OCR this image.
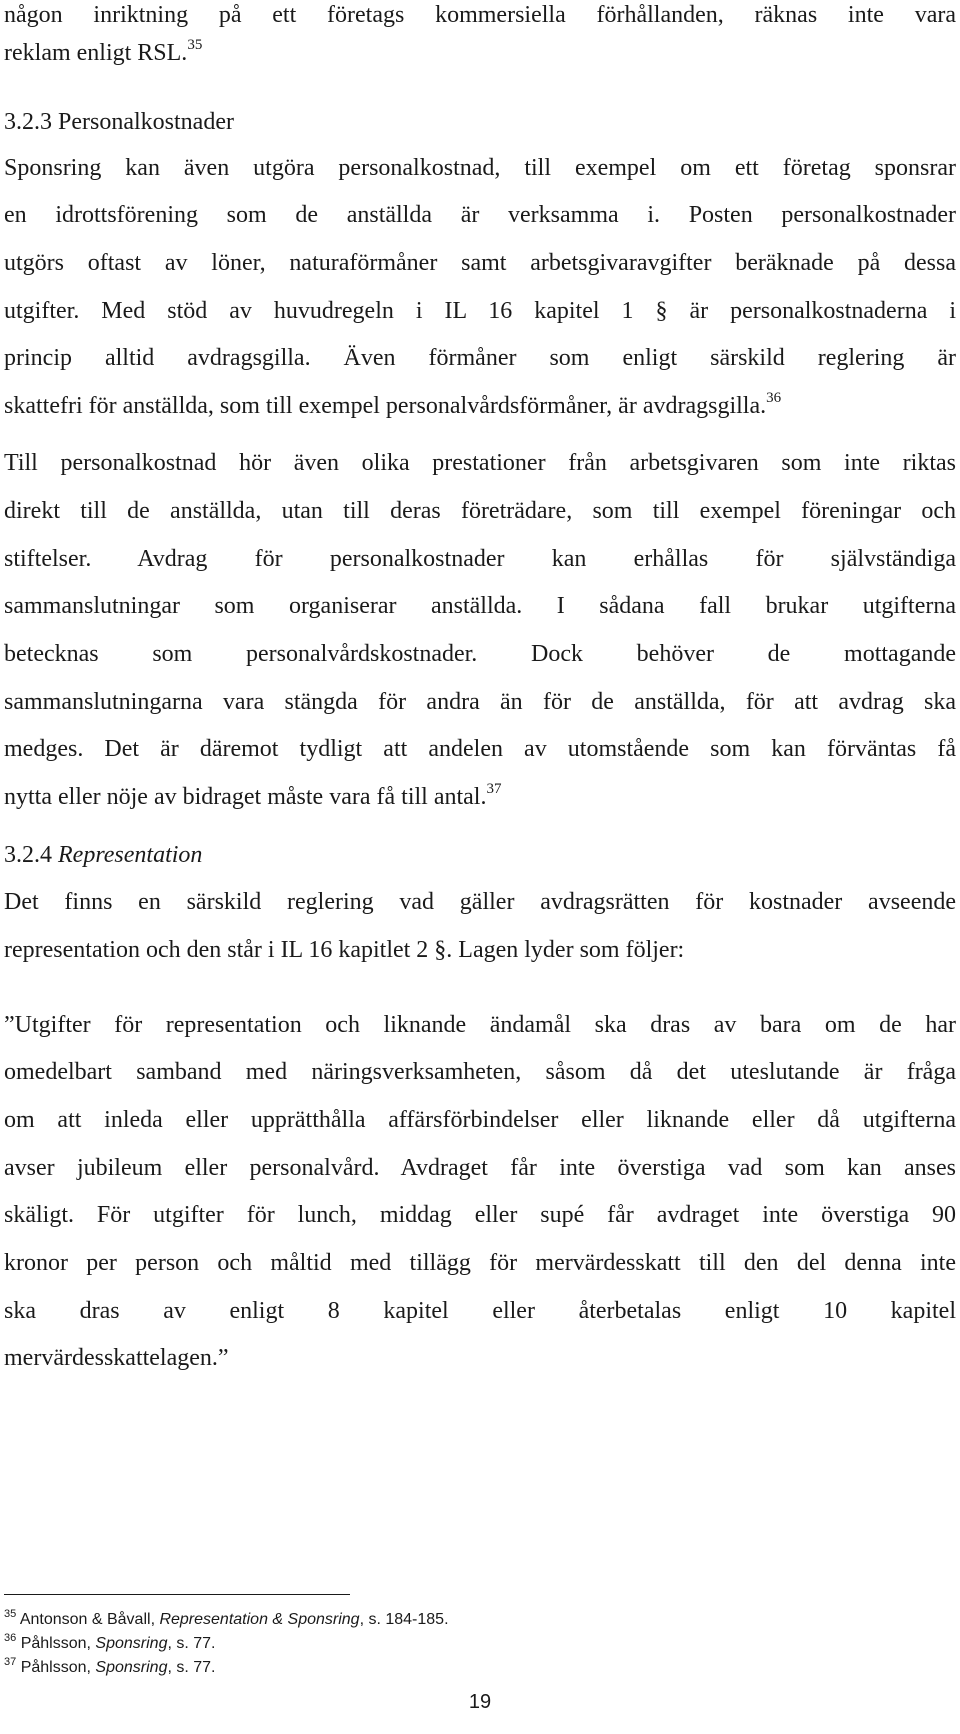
någon inriktning på ett företags kommersiella förhållanden, räknas inte vara
reklam enligt RSL.$^{35}$
3.2.3 Personalkostnader
Sponsring kan även utgöra personalkostnad, till exempel om ett företag sponsrar
en idrottsförening som de anställda är verksamma i. Posten personalkostnader
utgörs oftast av löner, naturaförmåner samt arbetsgivaravgifter beräknade på dessa
utgifter. Med stöd av huvudregeln i IL 16 kapitel 1 § är personalkostnaderna i
princip alltid avdragsgilla. Även förmåner som enligt särskild reglering är
skattefri för anställda, som till exempel personalvårdsförmåner, är avdragsgilla.$^{36}$
Till personalkostnad hör även olika prestationer från arbetsgivaren som inte riktas
direkt till de anställda, utan till deras företrädare, som till exempel föreningar och
stiftelser. Avdrag för personalkostnader kan erhållas för självständiga
sammanslutningar som organiserar anställda. I sådana fall brukar utgifterna
betecknas som personalvårdskostnader. Dock behöver de mottagande
sammanslutningarna vara stängda för andra än för de anställda, för att avdrag ska
medges. Det är däremot tydligt att andelen av utomstående som kan förväntas få
nytta eller nöje av bidraget måste vara få till antal.$^{37}$
3.2.4 Representation
Det finns en särskild reglering vad gäller avdragsrätten för kostnader avseende
representation och den står i IL 16 kapitlet 2 §. Lagen lyder som följer:
”Utgifter för representation och liknande ändamål ska dras av bara om de har
omedelbart samband med näringsverksamheten, såsom då det uteslutande är fråga
om att inleda eller upprätthålla affärsförbindelser eller liknande eller då utgifterna
avser jubileum eller personalvård. Avdraget får inte överstiga vad som kan anses
skäligt. För utgifter för lunch, middag eller supé får avdraget inte överstiga 90
kronor per person och måltid med tillägg för mervärdesskatt till den del denna inte
ska dras av enligt 8 kapitel eller återbetalas enligt 10 kapitel
mervärdesskattelagen.”
$^{35}$ Antonson & Båvall, Representation & Sponsring, s. 184-185.
$^{36}$ Påhlsson, Sponsring, s. 77.
$^{37}$ Påhlsson, Sponsring, s. 77.
19
